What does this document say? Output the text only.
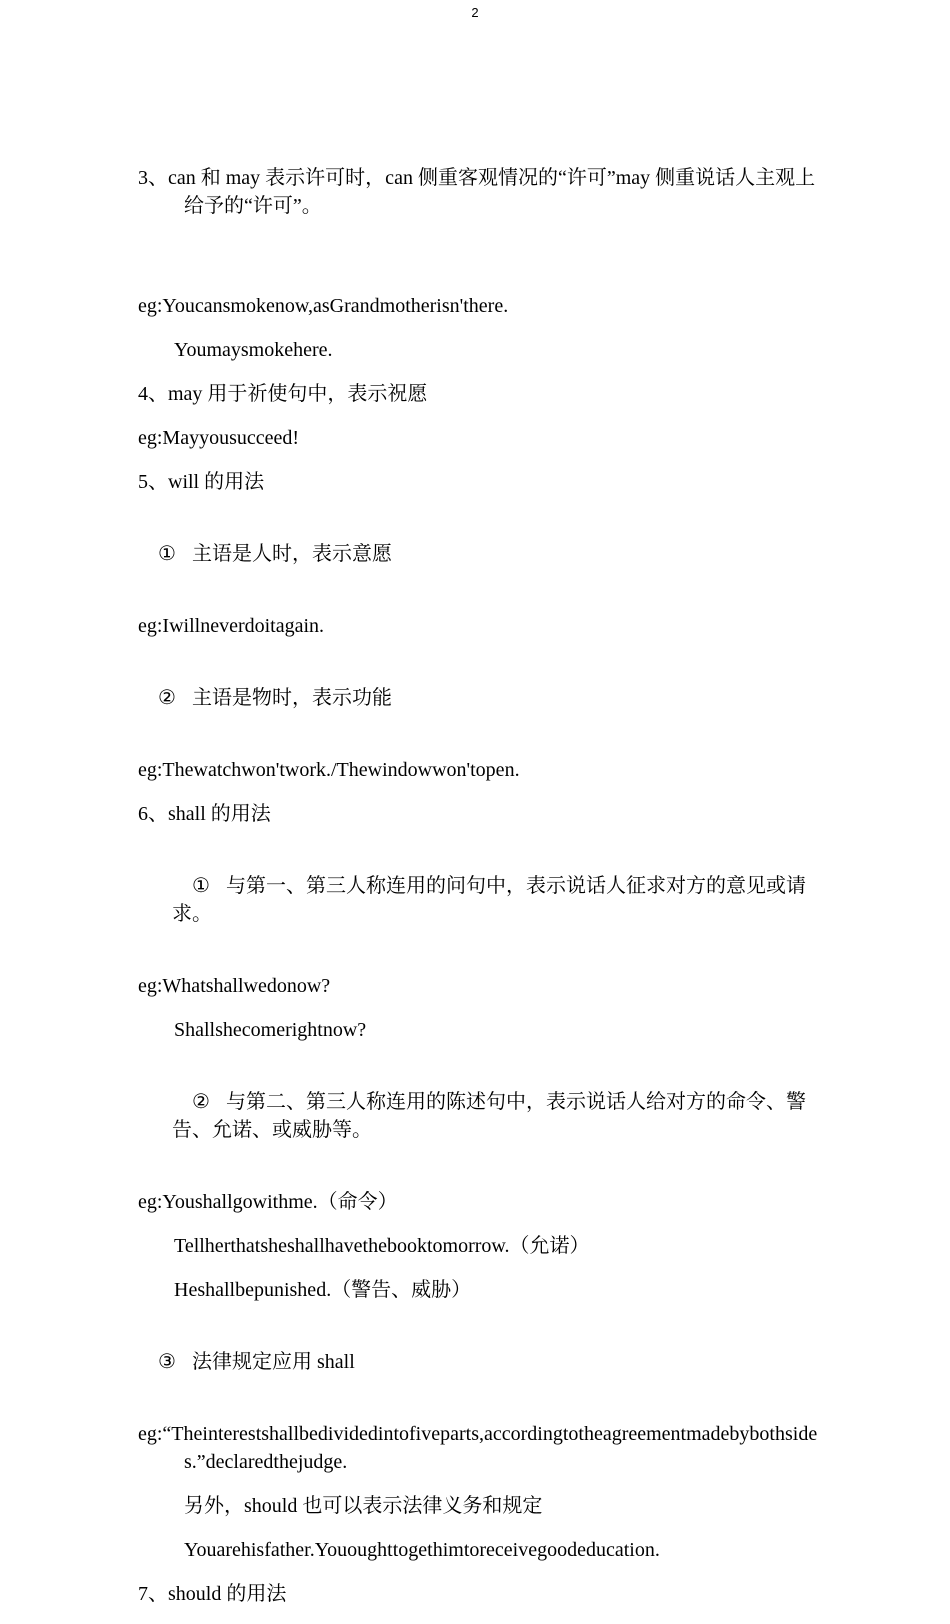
2

3、can 和 may 表示许可时，can 侧重客观情况的“许可”may 侧重说话人主观上给予的“许可”。

eg:Youcansmokenow,asGrandmotherisn'there.

Youmaysmokehere.

4、may 用于祈使句中，表示祝愿

eg:Mayyousucceed!

5、will 的用法

① 主语是人时，表示意愿

eg:Iwillneverdoitagain.

② 主语是物时，表示功能

eg:Thewatchwon'twork./Thewindowwon'topen.

6、shall 的用法

① 与第一、第三人称连用的问句中，表示说话人征求对方的意见或请求。

eg:Whatshallwedonow?

Shallshecomerightnow?

② 与第二、第三人称连用的陈述句中，表示说话人给对方的命令、警告、允诺、或威胁等。

eg:Youshallgowithme.（命令）

Tellherthatsheshallhavethebooktomorrow.（允诺）

Heshallbepunished.（警告、威胁）

③ 法律规定应用 shall

eg:“Theinterestshallbedividedintofiveparts,accordingtotheagreementmadebybothsides.”declaredthejudge.

另外，should 也可以表示法律义务和规定

Youarehisfather.Yououghttogethimtoreceivegoodeducation.

7、should 的用法
